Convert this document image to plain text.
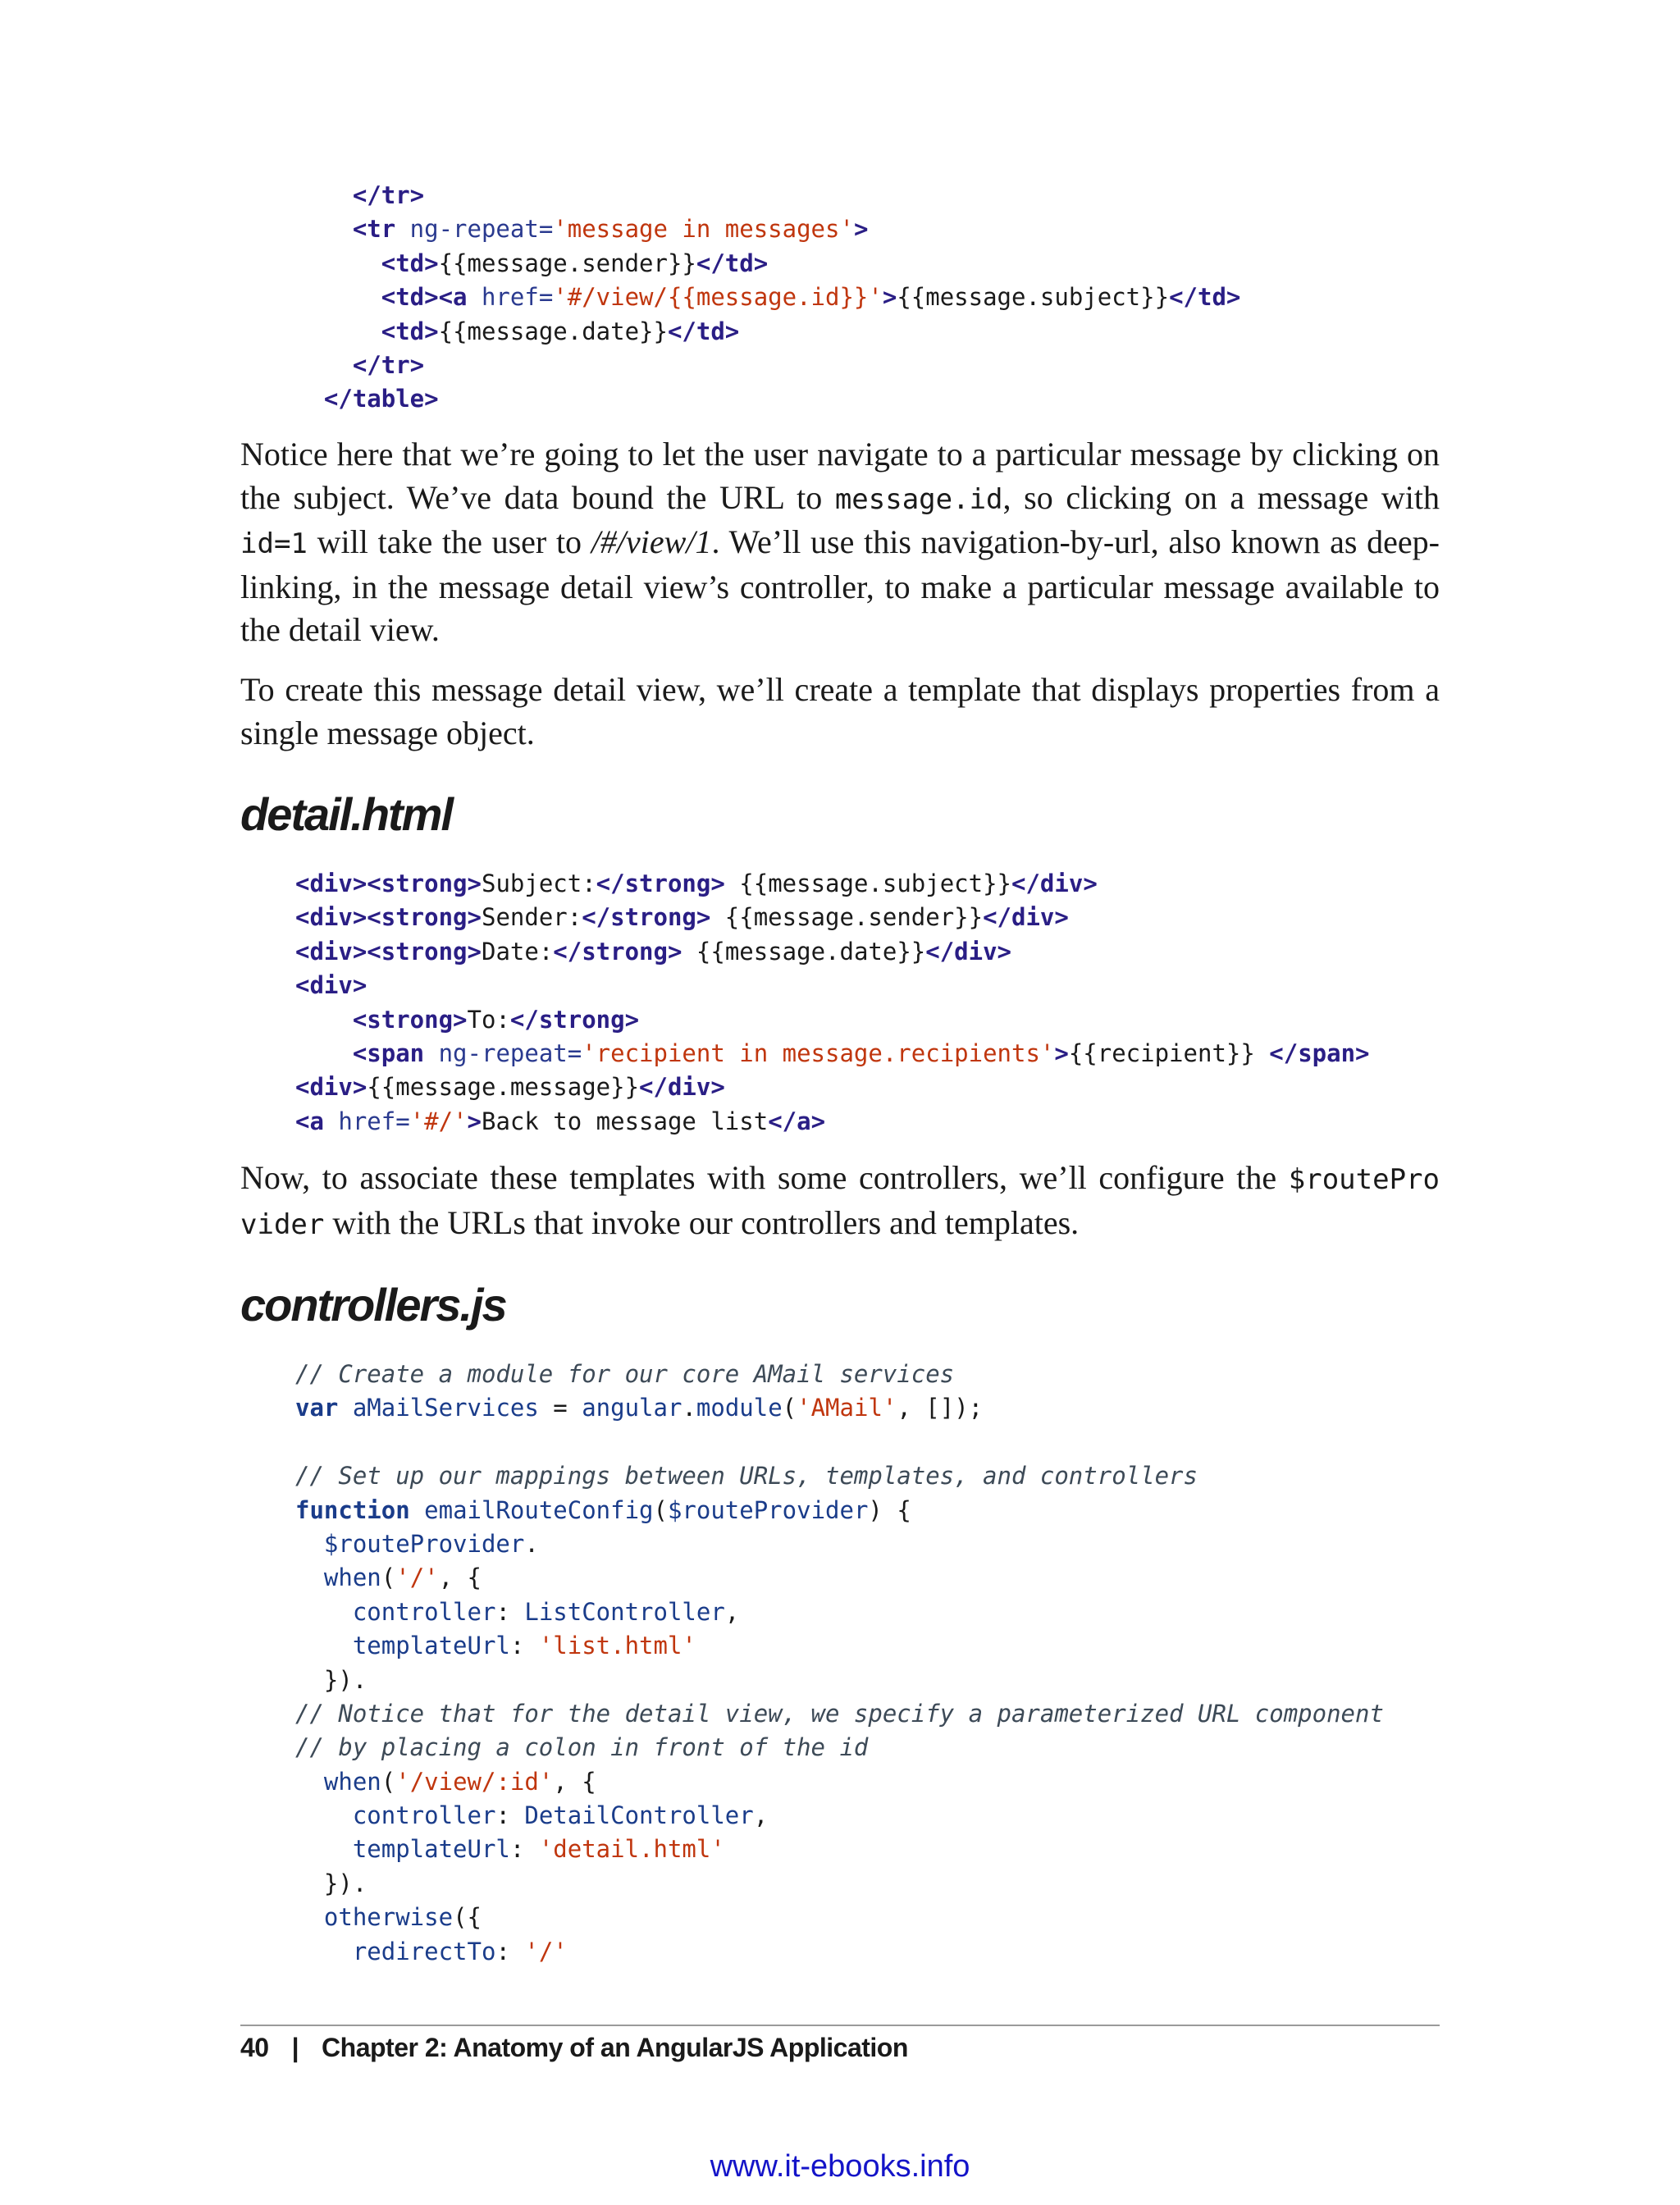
</tr>
<tr ng-repeat='message in messages'>
<td>{{message.sender}}</td>
<td><a href='#/view/{{message.id}}'>{{message.subject}}</td>
<td>{{message.date}}</td>
</tr>
</table>

Notice here that we’re going to let the user navigate to a particular message by clicking on the subject. We’ve data bound the URL to message.id, so clicking on a message with id=1 will take the user to /#/view/1. We’ll use this navigation-by-url, also known as deep-linking, in the message detail view’s controller, to make a particular message available to the detail view.

To create this message detail view, we’ll create a template that displays properties from a single message object.

detail.html
<div><strong>Subject:</strong> {{message.subject}}</div>
<div><strong>Sender:</strong> {{message.sender}}</div>
<div><strong>Date:</strong> {{message.date}}</div>
<div>
<strong>To:</strong>
<span ng-repeat='recipient in message.recipients'>{{recipient}} </span>
<div>{{message.message}}</div>
<a href='#/'>Back to message list</a>

Now, to associate these templates with some controllers, we’ll configure the $routePro vider with the URLs that invoke our controllers and templates.

controllers.js
// Create a module for our core AMail services
var aMailServices = angular.module('AMail', []);

// Set up our mappings between URLs, templates, and controllers
function emailRouteConfig($routeProvider) {
$routeProvider.
when('/', {
controller: ListController,
templateUrl: 'list.html'
}).
// Notice that for the detail view, we specify a parameterized URL component
// by placing a colon in front of the id
when('/view/:id', {
controller: DetailController,
templateUrl: 'detail.html'
}).
otherwise({
redirectTo: '/'
40 | Chapter 2: Anatomy of an AngularJS Application
www.it-ebooks.info
